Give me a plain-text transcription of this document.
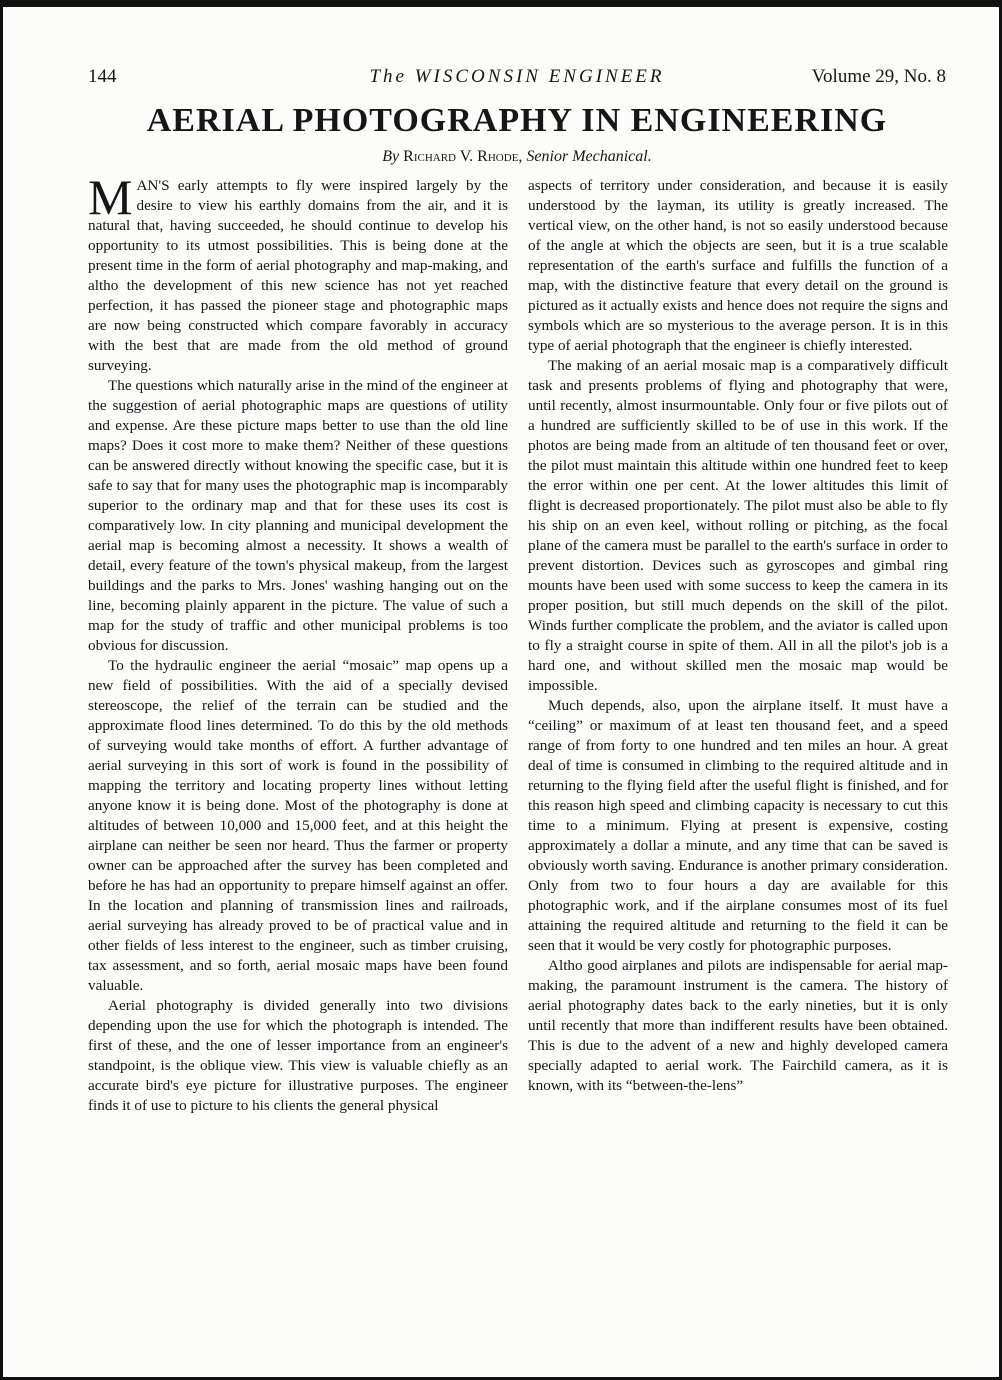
144	The WISCONSIN ENGINEER	Volume 29, No. 8
AERIAL PHOTOGRAPHY IN ENGINEERING
By Richard V. Rhode, Senior Mechanical.

MAN'S early attempts to fly were inspired largely by the desire to view his earthly domains from the air, and it is natural that, having succeeded, he should continue to develop his opportunity to its utmost possibilities. This is being done at the present time in the form of aerial photography and map-making, and altho the development of this new science has not yet reached perfection, it has passed the pioneer stage and photographic maps are now being constructed which compare favorably in accuracy with the best that are made from the old method of ground surveying.

The questions which naturally arise in the mind of the engineer at the suggestion of aerial photographic maps are questions of utility and expense. Are these picture maps better to use than the old line maps? Does it cost more to make them? Neither of these questions can be answered directly without knowing the specific case, but it is safe to say that for many uses the photographic map is incomparably superior to the ordinary map and that for these uses its cost is comparatively low. In city planning and municipal development the aerial map is becoming almost a necessity. It shows a wealth of detail, every feature of the town's physical makeup, from the largest buildings and the parks to Mrs. Jones' washing hanging out on the line, becoming plainly apparent in the picture. The value of such a map for the study of traffic and other municipal problems is too obvious for discussion.

To the hydraulic engineer the aerial “mosaic” map opens up a new field of possibilities. With the aid of a specially devised stereoscope, the relief of the terrain can be studied and the approximate flood lines determined. To do this by the old methods of surveying would take months of effort. A further advantage of aerial surveying in this sort of work is found in the possibility of mapping the territory and locating property lines without letting anyone know it is being done. Most of the photography is done at altitudes of between 10,000 and 15,000 feet, and at this height the airplane can neither be seen nor heard. Thus the farmer or property owner can be approached after the survey has been completed and before he has had an opportunity to prepare himself against an offer. In the location and planning of transmission lines and railroads, aerial surveying has already proved to be of practical value and in other fields of less interest to the engineer, such as timber cruising, tax assessment, and so forth, aerial mosaic maps have been found valuable.

Aerial photography is divided generally into two divisions depending upon the use for which the photograph is intended. The first of these, and the one of lesser importance from an engineer's standpoint, is the oblique view. This view is valuable chiefly as an accurate bird's eye picture for illustrative purposes. The engineer finds it of use to picture to his clients the general physical

aspects of territory under consideration, and because it is easily understood by the layman, its utility is greatly increased. The vertical view, on the other hand, is not so easily understood because of the angle at which the objects are seen, but it is a true scalable representation of the earth's surface and fulfills the function of a map, with the distinctive feature that every detail on the ground is pictured as it actually exists and hence does not require the signs and symbols which are so mysterious to the average person. It is in this type of aerial photograph that the engineer is chiefly interested.

The making of an aerial mosaic map is a comparatively difficult task and presents problems of flying and photography that were, until recently, almost insurmountable. Only four or five pilots out of a hundred are sufficiently skilled to be of use in this work. If the photos are being made from an altitude of ten thousand feet or over, the pilot must maintain this altitude within one hundred feet to keep the error within one per cent. At the lower altitudes this limit of flight is decreased proportionately. The pilot must also be able to fly his ship on an even keel, without rolling or pitching, as the focal plane of the camera must be parallel to the earth's surface in order to prevent distortion. Devices such as gyroscopes and gimbal ring mounts have been used with some success to keep the camera in its proper position, but still much depends on the skill of the pilot. Winds further complicate the problem, and the aviator is called upon to fly a straight course in spite of them. All in all the pilot's job is a hard one, and without skilled men the mosaic map would be impossible.

Much depends, also, upon the airplane itself. It must have a “ceiling” or maximum of at least ten thousand feet, and a speed range of from forty to one hundred and ten miles an hour. A great deal of time is consumed in climbing to the required altitude and in returning to the flying field after the useful flight is finished, and for this reason high speed and climbing capacity is necessary to cut this time to a minimum. Flying at present is expensive, costing approximately a dollar a minute, and any time that can be saved is obviously worth saving. Endurance is another primary consideration. Only from two to four hours a day are available for this photographic work, and if the airplane consumes most of its fuel attaining the required altitude and returning to the field it can be seen that it would be very costly for photographic purposes.

Altho good airplanes and pilots are indispensable for aerial map-making, the paramount instrument is the camera. The history of aerial photography dates back to the early nineties, but it is only until recently that more than indifferent results have been obtained. This is due to the advent of a new and highly developed camera specially adapted to aerial work. The Fairchild camera, as it is known, with its “between-the-lens”
